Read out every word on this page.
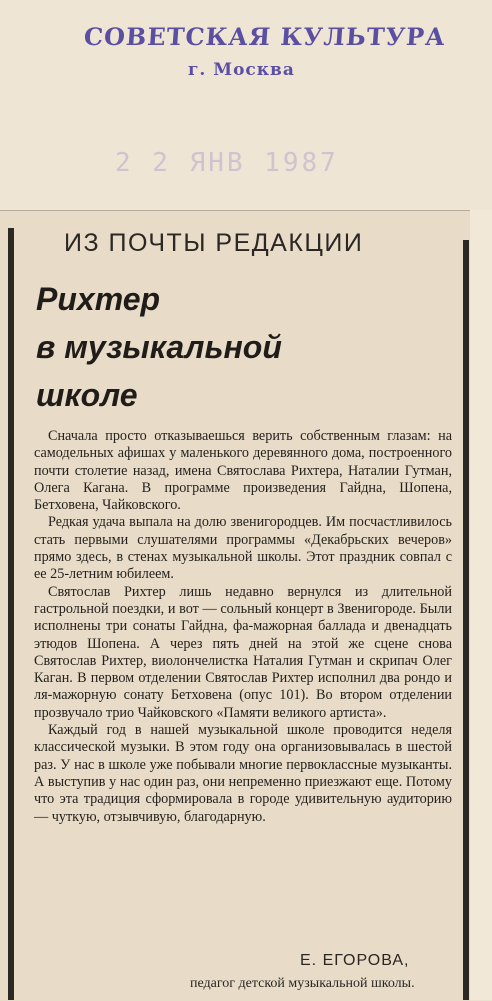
СОВЕТСКАЯ КУЛЬТУРА
г. Москва
2 2 ЯНВ 1987
ИЗ ПОЧТЫ РЕДАКЦИИ
Рихтер
в музыкальной
школе

Сначала просто отказываешься верить собственным глазам: на самодельных афишах у маленького деревянного дома, построенного почти столетие назад, имена Святослава Рихтера, Наталии Гутман, Олега Кагана. В программе произведения Гайдна, Шопена, Бетховена, Чайковского.

Редкая удача выпала на долю звенигородцев. Им посчастливилось стать первыми слушателями программы «Декабрьских вечеров» прямо здесь, в стенах музыкальной школы. Этот праздник совпал с ее 25-летним юбилеем.

Святослав Рихтер лишь недавно вернулся из длительной гастрольной поездки, и вот — сольный концерт в Звенигороде. Были исполнены три сонаты Гайдна, фа-мажорная баллада и двенадцать этюдов Шопена. А через пять дней на этой же сцене снова Святослав Рихтер, виолончелистка Наталия Гутман и скрипач Олег Каган. В первом отделении Святослав Рихтер исполнил два рондо и ля-мажорную сонату Бетховена (опус 101). Во втором отделении прозвучало трио Чайковского «Памяти великого артиста».

Каждый год в нашей музыкальной школе проводится неделя классической музыки. В этом году она организовывалась в шестой раз. У нас в школе уже побывали многие первоклассные музыканты. А выступив у нас один раз, они непременно приезжают еще. Потому что эта традиция сформировала в городе удивительную аудиторию — чуткую, отзывчивую, благодарную.

Е. ЕГОРОВА,
педагог детской музыкальной школы.
